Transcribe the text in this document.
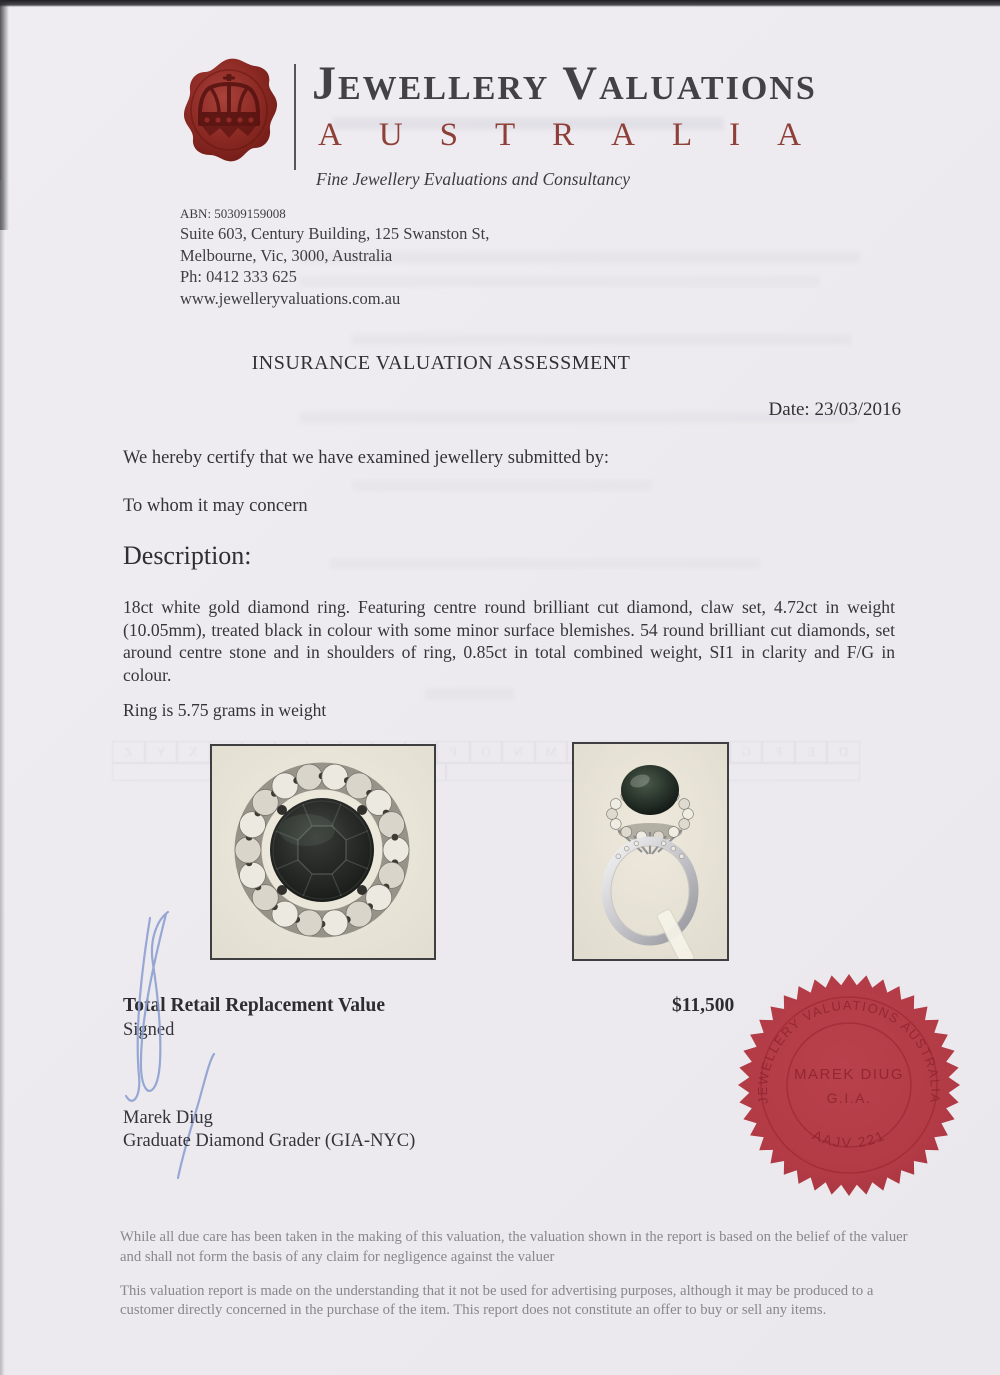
D
E
F
G
M
N
O
P
X
Y
Z
Jewellery Valuations
AUSTRALIA
Fine Jewellery Evaluations and Consultancy
ABN: 50309159008
Suite 603, Century Building, 125 Swanston St,
Melbourne, Vic, 3000, Australia
Ph: 0412 333 625
www.jewelleryvaluations.com.au
INSURANCE VALUATION ASSESSMENT
Date: 23/03/2016
We hereby certify that we have examined jewellery submitted by:
To whom it may concern
Description:
18ct white gold diamond ring. Featuring centre round brilliant cut diamond, claw set, 4.72ct in weight (10.05mm), treated black in colour with some minor surface blemishes. 54 round brilliant cut diamonds, set around centre stone and in shoulders of ring, 0.85ct in total combined weight, SI1 in clarity and F/G in colour.
Ring is 5.75 grams in weight
Total Retail Replacement Value	$11,500
Signed
Marek Diug
Graduate Diamond Grader (GIA-NYC)
JEWELLERY VALUATIONS AUSTRALIA
AAJV 221
MAREK DIUG
G.I.A.

While all due care has been taken in the making of this valuation, the valuation shown in the report is based on the belief of the valuer and shall not form the basis of any claim for negligence against the valuer

This valuation report is made on the understanding that it not be used for advertising purposes, although it may be produced to a customer directly concerned in the purchase of the item. This report does not constitute an offer to buy or sell any items.
